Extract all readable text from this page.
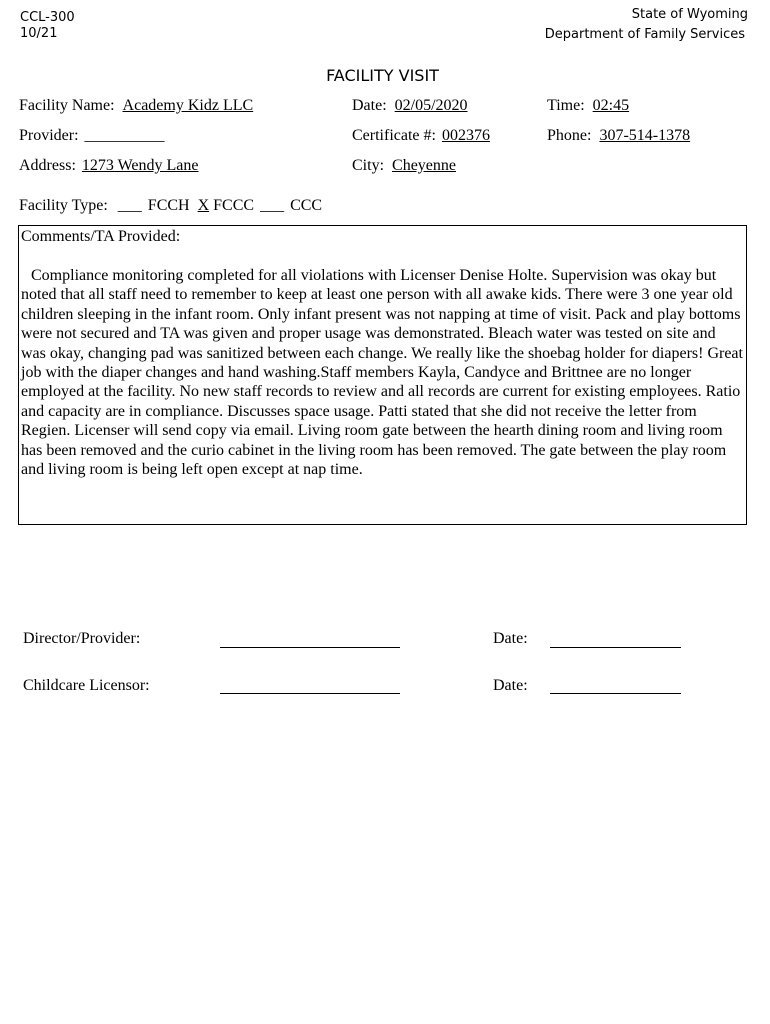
CCL-300
10/21
State of Wyoming
Department of Family Services
FACILITY VISIT
Facility Name: Academy Kidz LLC	Date: 02/05/2020	Time: 02:45
Provider: __________	Certificate #: 002376	Phone: 307-514-1378
Address: 1273 Wendy Lane	City: Cheyenne
Facility Type: ___ FCCH X FCCC ___ CCC
Comments/TA Provided:
Compliance monitoring completed for all violations with Licenser Denise Holte. Supervision was okay but noted that all staff need to remember to keep at least one person with all awake kids. There were 3 one year old children sleeping in the infant room. Only infant present was not napping at time of visit. Pack and play bottoms were not secured and TA was given and proper usage was demonstrated. Bleach water was tested on site and was okay, changing pad was sanitized between each change. We really like the shoebag holder for diapers! Great job with the diaper changes and hand washing.Staff members Kayla, Candyce and Brittnee are no longer employed at the facility. No new staff records to review and all records are current for existing employees. Ratio and capacity are in compliance. Discusses space usage. Patti stated that she did not receive the letter from Regien. Licenser will send copy via email. Living room gate between the hearth dining room and living room has been removed and the curio cabinet in the living room has been removed. The gate between the play room and living room is being left open except at nap time.
Director/Provider:	Date:
Childcare Licensor:	Date:
